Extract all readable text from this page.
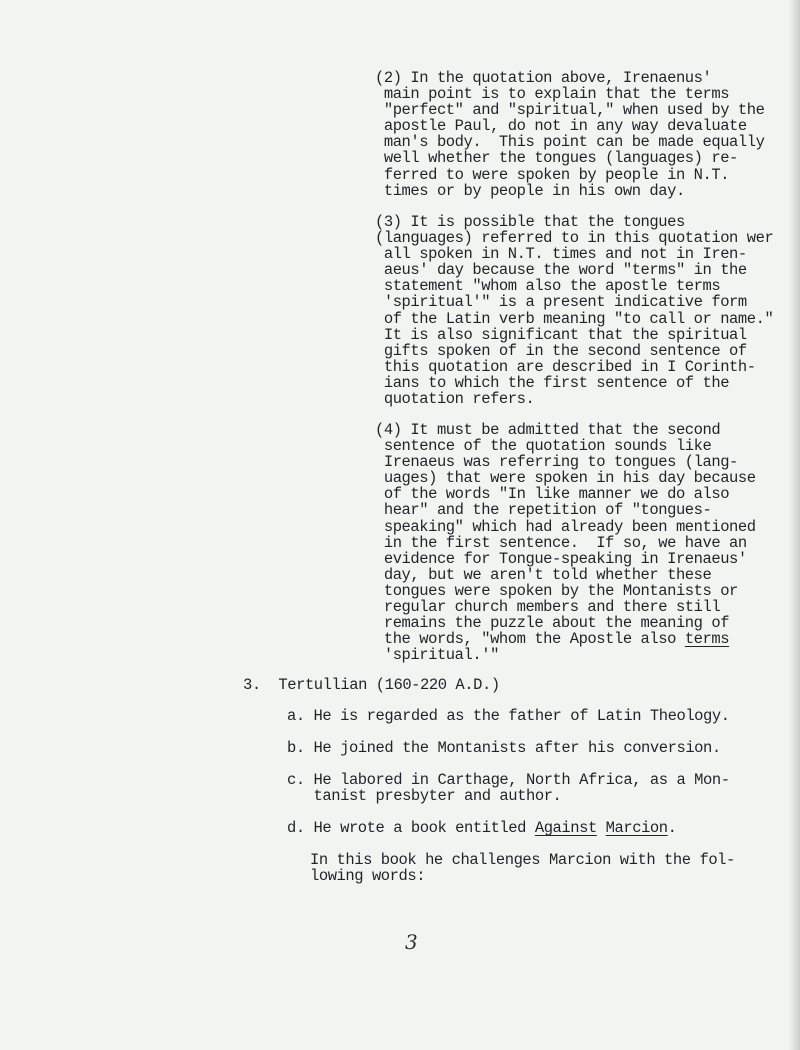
(2) In the quotation above, Irenaenus'
main point is to explain that the terms
"perfect" and "spiritual," when used by the
apostle Paul, do not in any way devaluate
man's body.  This point can be made equally
well whether the tongues (languages) re-
ferred to were spoken by people in N.T.
times or by people in his own day.
(3) It is possible that the tongues
(languages) referred to in this quotation wer
all spoken in N.T. times and not in Iren-
aeus' day because the word "terms" in the
statement "whom also the apostle terms
'spiritual'" is a present indicative form
of the Latin verb meaning "to call or name."
It is also significant that the spiritual
gifts spoken of in the second sentence of
this quotation are described in I Corinth-
ians to which the first sentence of the
quotation refers.
(4) It must be admitted that the second
sentence of the quotation sounds like
Irenaeus was referring to tongues (lang-
uages) that were spoken in his day because
of the words "In like manner we do also
hear" and the repetition of "tongues-
speaking" which had already been mentioned
in the first sentence.  If so, we have an
evidence for Tongue-speaking in Irenaeus'
day, but we aren't told whether these
tongues were spoken by the Montanists or
regular church members and there still
remains the puzzle about the meaning of
the words, "whom the Apostle also terms
'spiritual.'"
3.  Tertullian (160-220 A.D.)
a. He is regarded as the father of Latin Theology.
b. He joined the Montanists after his conversion.
c. He labored in Carthage, North Africa, as a Mon-
tanist presbyter and author.
d. He wrote a book entitled Against Marcion.
In this book he challenges Marcion with the fol-
lowing words:
3
